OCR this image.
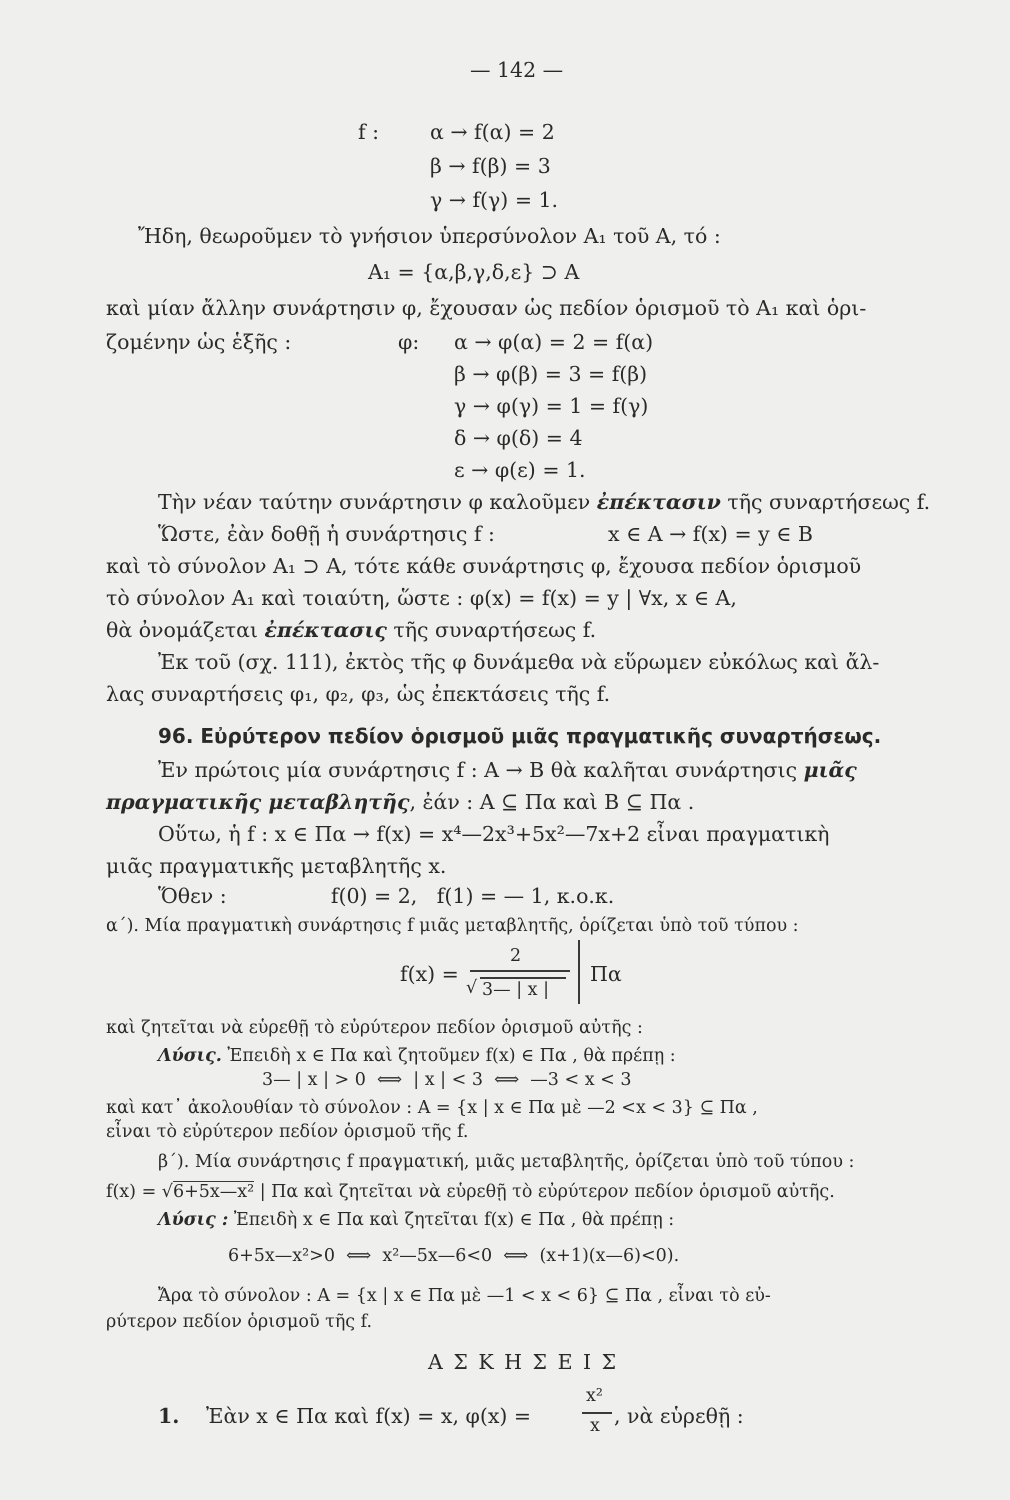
— 142 —
f : α → f(α) = 2
β → f(β) = 3
γ → f(γ) = 1.
Ἤδη, θεωροῦμεν τὸ γνήσιον ὑπερσύνολον A₁ τοῦ A, τό :
A₁ = {α,β,γ,δ,ε} ⊃ A
καὶ μίαν ἄλλην συνάρτησιν φ, ἔχουσαν ὡς πεδίον ὁρισμοῦ τὸ A₁ καὶ ὁρι-
ζομένην ὡς ἑξῆς :	φ: α → φ(α) = 2 = f(α)
β → φ(β) = 3 = f(β)
γ → φ(γ) = 1 = f(γ)
δ → φ(δ) = 4
ε → φ(ε) = 1.
Τὴν νέαν ταύτην συνάρτησιν φ καλοῦμεν ἐπέκτασιν τῆς συναρτήσεως f.
Ὥστε, ἐὰν δοθῇ ἡ συνάρτησις f :	x ∈ A → f(x) = y ∈ B
καὶ τὸ σύνολον A₁ ⊃ A, τότε κάθε συνάρτησις φ, ἔχουσα πεδίον ὁρισμοῦ
τὸ σύνολον A₁ καὶ τοιαύτη, ὥστε : φ(x) = f(x) = y | ∀x, x ∈ A,
θὰ ὀνομάζεται ἐπέκτασις τῆς συναρτήσεως f.
Ἐκ τοῦ (σχ. 111), ἐκτὸς τῆς φ δυνάμεθα νὰ εὕρωμεν εὐκόλως καὶ ἄλ-
λας συναρτήσεις φ₁, φ₂, φ₃, ὡς ἐπεκτάσεις τῆς f.
96. Εὐρύτερον πεδίον ὁρισμοῦ μιᾶς πραγματικῆς συναρτήσεως.
Ἐν πρώτοις μία συνάρτησις f : A → B θὰ καλῆται συνάρτησις μιᾶς
πραγματικῆς μεταβλητῆς, ἐάν : A ⊆ Πα καὶ B ⊆ Πα .
Οὕτω, ἡ f : x ∈ Πα → f(x) = x⁴—2x³+5x²—7x+2 εἶναι πραγματικὴ
μιᾶς πραγματικῆς μεταβλητῆς x.
Ὅθεν :                f(0) = 2,   f(1) = — 1, κ.ο.κ.
α΄). Μία πραγματικὴ συνάρτησις f μιᾶς μεταβλητῆς, ὁρίζεται ὑπὸ τοῦ τύπου :
f(x) =
2
√ 3— | x |
Πα
καὶ ζητεῖται νὰ εὑρεθῇ τὸ εὐρύτερον πεδίον ὁρισμοῦ αὐτῆς :
Λύσις. Ἐπειδὴ x ∈ Πα καὶ ζητοῦμεν f(x) ∈ Πα , θὰ πρέπῃ :
3— | x | > 0  ⟺  | x | < 3  ⟺  —3 < x < 3
καὶ κατ᾽ ἀκολουθίαν τὸ σύνολον : A = {x | x ∈ Πα μὲ —2 <x < 3} ⊆ Πα ,
εἶναι τὸ εὐρύτερον πεδίον ὁρισμοῦ τῆς f.
β΄). Μία συνάρτησις f πραγματική, μιᾶς μεταβλητῆς, ὁρίζεται ὑπὸ τοῦ τύπου :
f(x) = √6+5x—x² | Πα καὶ ζητεῖται νὰ εὑρεθῇ τὸ εὐρύτερον πεδίον ὁρισμοῦ αὐτῆς.
Λύσις : Ἐπειδὴ x ∈ Πα καὶ ζητεῖται f(x) ∈ Πα , θὰ πρέπῃ :
6+5x—x²>0  ⟺  x²—5x—6<0  ⟺  (x+1)(x—6)<0).
Ἄρα τὸ σύνολον : A = {x | x ∈ Πα μὲ —1 < x < 6} ⊆ Πα , εἶναι τὸ εὐ-
ρύτερον πεδίον ὁρισμοῦ τῆς f.
Α Σ Κ Η Σ Ε Ι Σ
1. Ἐὰν x ∈ Πα καὶ f(x) = x, φ(x) =
x²
x , νὰ εὑρεθῇ :
